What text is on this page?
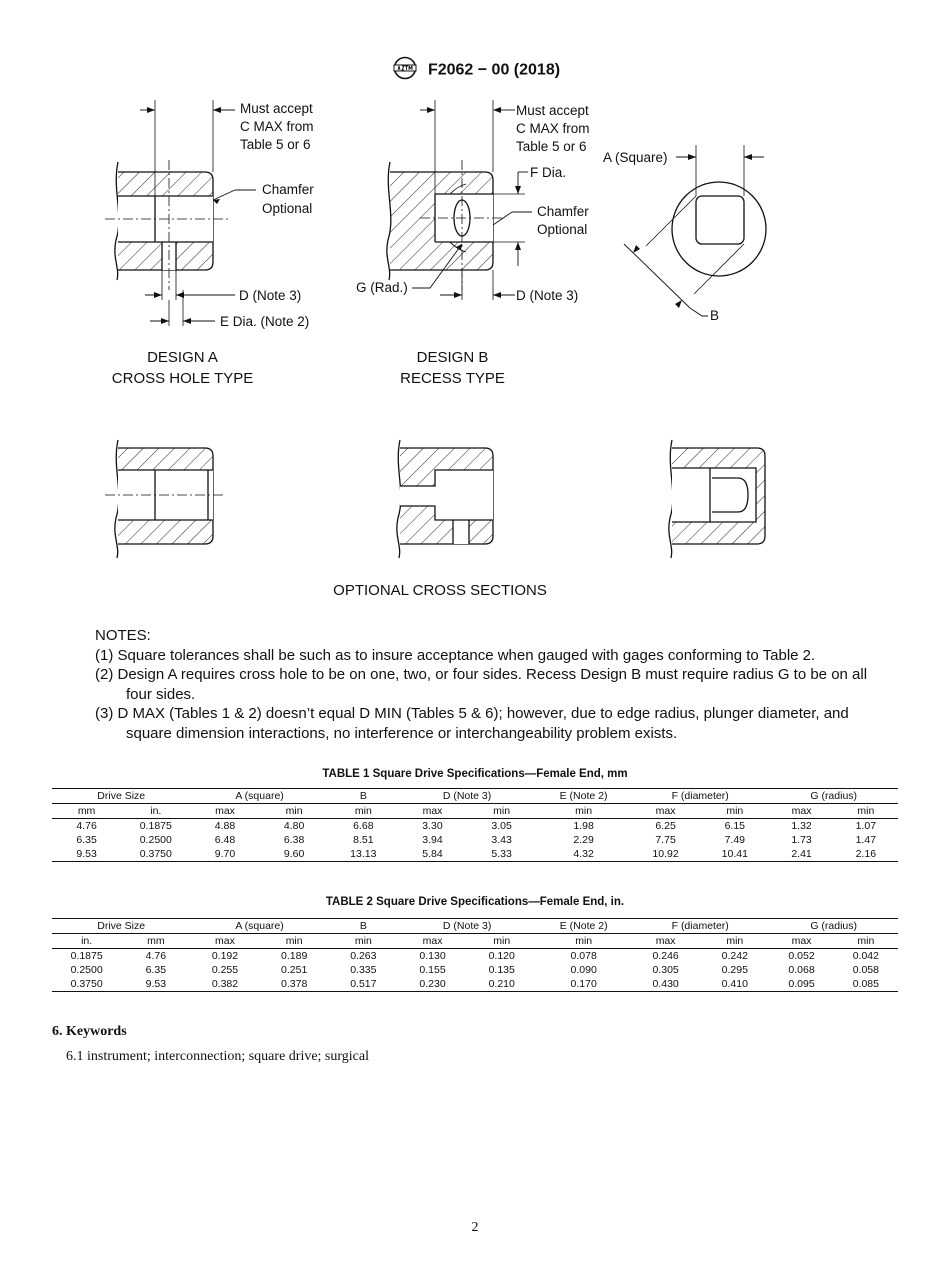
F2062 − 00 (2018)
Must accept
C MAX from
Table 5 or 6
Chamfer
Optional
D (Note 3)
E Dia. (Note 2)
Must accept
C MAX from
Table 5 or 6
F Dia.
Chamfer
Optional
G (Rad.)
D (Note 3)
A (Square)
B
DESIGN A
CROSS HOLE TYPE
DESIGN B
RECESS TYPE
OPTIONAL CROSS SECTIONS
NOTES:
(1) Square tolerances shall be such as to insure acceptance when gauged with gages conforming to Table 2.
(2) Design A requires cross hole to be on one, two, or four sides. Recess Design B must require radius G to be on all four sides.
(3) D MAX (Tables 1 & 2) doesn’t equal D MIN (Tables 5 & 6); however, due to edge radius, plunger diameter, and square dimension interactions, no interference or interchangeability problem exists.
TABLE 1 Square Drive Specifications—Female End, mm
Drive Size		A (square)		B	D (Note 3)		E (Note 2)	F (diameter)		G (radius)	
mm	in.	max	min	min	max	min	min	max	min	max	min
4.76	0.1875	4.88	4.80	6.68	3.30	3.05	1.98	6.25	6.15	1.32	1.07
6.35	0.2500	6.48	6.38	8.51	3.94	3.43	2.29	7.75	7.49	1.73	1.47
9.53	0.3750	9.70	9.60	13.13	5.84	5.33	4.32	10.92	10.41	2.41	2.16
TABLE 2 Square Drive Specifications—Female End, in.
Drive Size		A (square)		B	D (Note 3)		E (Note 2)	F (diameter)		G (radius)	
in.	mm	max	min	min	max	min	min	max	min	max	min
0.1875	4.76	0.192	0.189	0.263	0.130	0.120	0.078	0.246	0.242	0.052	0.042
0.2500	6.35	0.255	0.251	0.335	0.155	0.135	0.090	0.305	0.295	0.068	0.058
0.3750	9.53	0.382	0.378	0.517	0.230	0.210	0.170	0.430	0.410	0.095	0.085
6. Keywords
6.1 instrument; interconnection; square drive; surgical
2
